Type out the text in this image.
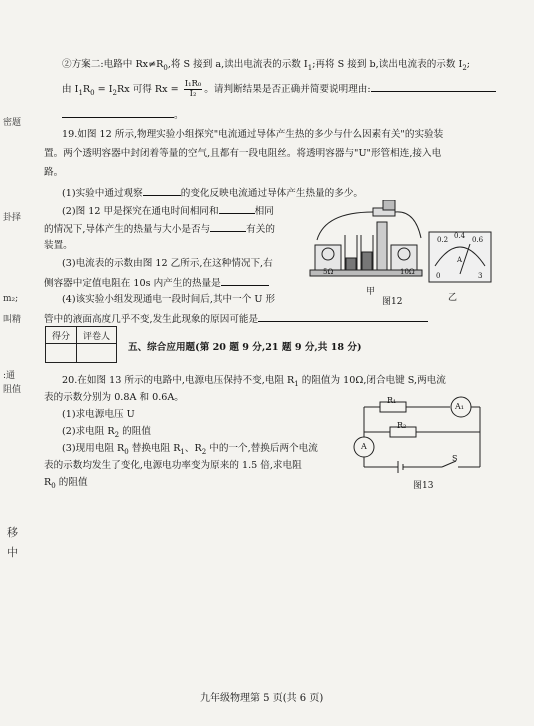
②方案二:电路中 $Rx\ne R_0$,将 S 接到 a,读出电流表的示数 $I_1$;再将 S 接到 b,读出电流表的示数 $I_2$;
由 $I_1R_0 = I_2Rx$ 可得 $Rx = \frac{\text{I₁R₀}}{\text{I₂}}$ 。请判断结果是否正确并简要说明理由:
。
19.如图 12 所示,物理实验小组探究"电流通过导体产生热的多少与什么因素有关"的实验装
置。两个透明容器中封闭着等量的空气,且都有一段电阻丝。将透明容器与"U"形管相连,接入电
路。
(1)实验中通过观察	的变化反映电流通过导体产生热量的多少。
(2)图 12 甲是探究在通电时间相同和	相同
的情况下,导体产生的热量与大小是否与	有关的
装置。
(3)电流表的示数由图 12 乙所示,在这种情况下,右
侧容器中定值电阻在 10s 内产生的热量是
(4)该实验小组发现通电一段时间后,其中一个 U 形
管中的液面高度几乎不变,发生此现象的原因可能是
5Ω	10Ω
0.2 0.4 0.6
A
0	3
甲
乙
图12
得分	评卷人

五、综合应用题(第 20 题 9 分,21 题 9 分,共 18 分)
20.在如图 13 所示的电路中,电源电压保持不变,电阻 $R_1$ 的阻值为 10Ω,闭合电键 S,两电流
表的示数分别为 0.8A 和 0.6A。
(1)求电源电压 U
(2)求电阻 $R_2$ 的阻值
(3)现用电阻 $R_0$ 替换电阻 $R_1$、$R_2$ 中的一个,替换后两个电流
表的示数均发生了变化,电源电功率变为原来的 1.5 倍,求电阻
$R_0$ 的阻值
R₁
R₂
A₁
A
S
图13
密题
卦择
m₂;
叫精
:通
阻值
移
中
九年级物理第 5 页(共 6 页)
